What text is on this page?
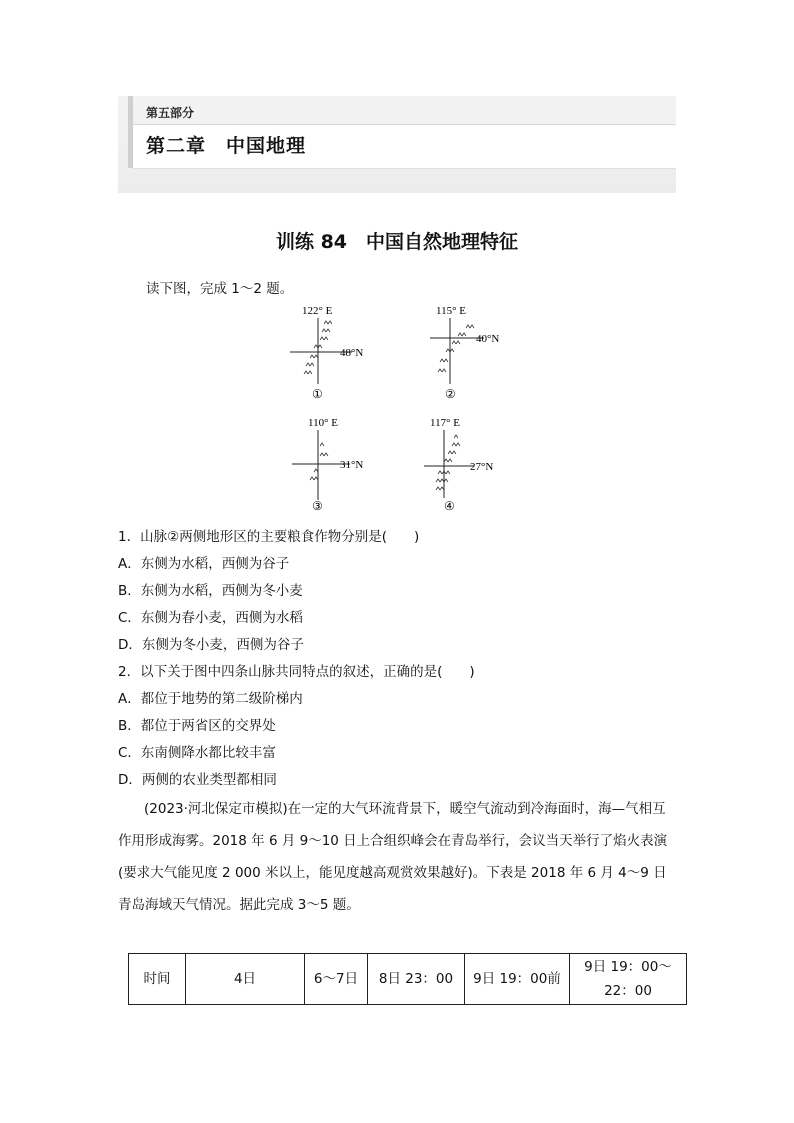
第五部分
第二章　中国地理
训练 84　中国自然地理特征
读下图，完成 1～2 题。
122° E
48°N
①
115° E
40°N
②
110° E
31°N
③
117° E
27°N
④
1．山脉②两侧地形区的主要粮食作物分别是(　　)
A．东侧为水稻，西侧为谷子
B．东侧为水稻，西侧为冬小麦
C．东侧为春小麦，西侧为水稻
D．东侧为冬小麦，西侧为谷子
2．以下关于图中四条山脉共同特点的叙述，正确的是(　　)
A．都位于地势的第二级阶梯内
B．都位于两省区的交界处
C．东南侧降水都比较丰富
D．两侧的农业类型都相同
(2023·河北保定市模拟)在一定的大气环流背景下，暖空气流动到冷海面时，海—气相互作用形成海雾。2018 年 6 月 9～10 日上合组织峰会在青岛举行，会议当天举行了焰火表演(要求大气能见度 2 000 米以上，能见度越高观赏效果越好)。下表是 2018 年 6 月 4～9 日青岛海域天气情况。据此完成 3～5 题。
时间	4日	6～7日	8日 23：00	9日 19：00前	9日 19：00～
22：00
